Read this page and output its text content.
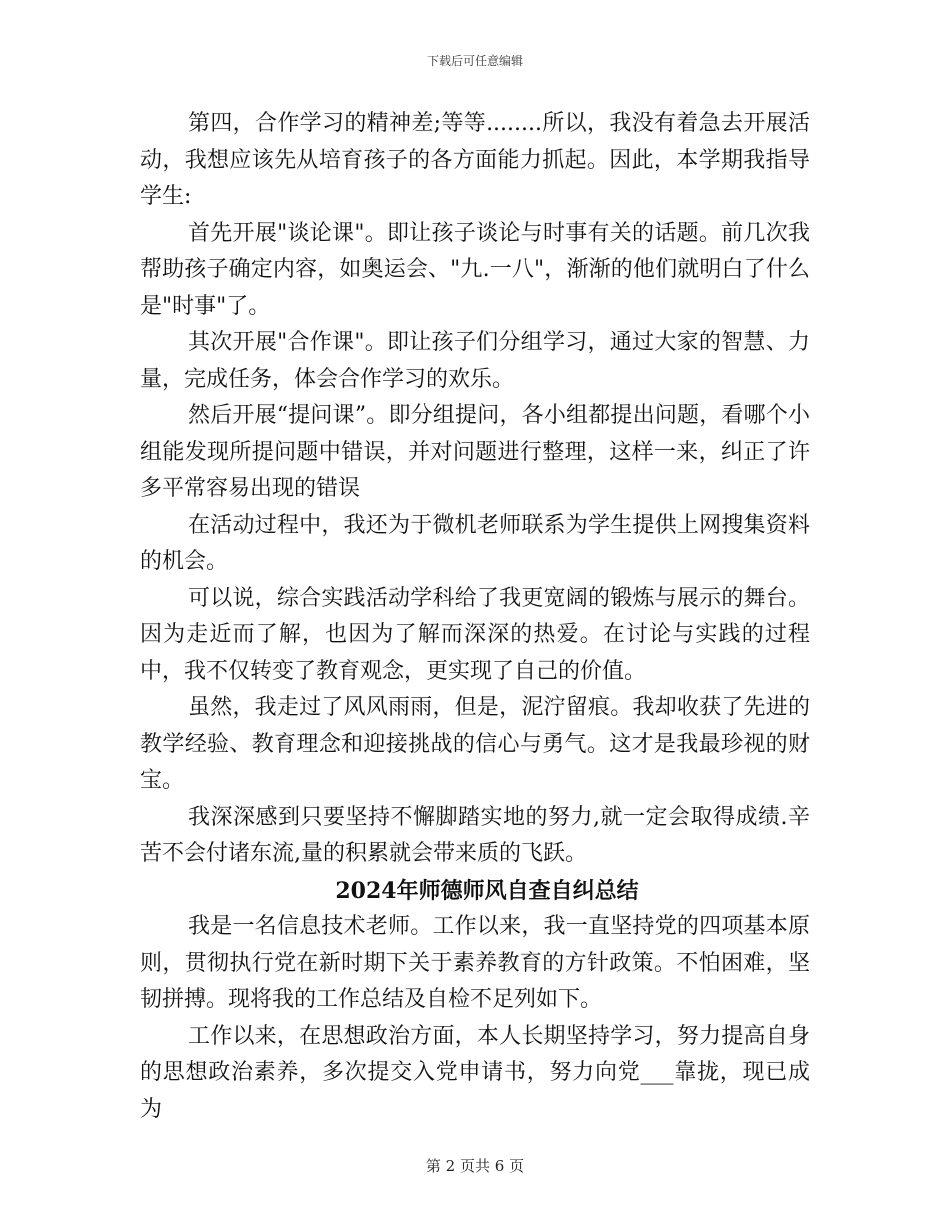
下载后可任意编辑

第四，合作学习的精神差;等等........所以，我没有着急去开展活动，我想应该先从培育孩子的各方面能力抓起。因此，本学期我指导学生:

首先开展"谈论课"。即让孩子谈论与时事有关的话题。前几次我帮助孩子确定内容，如奥运会、"九.一八"，渐渐的他们就明白了什么是"时事"了。

其次开展"合作课"。即让孩子们分组学习，通过大家的智慧、力量，完成任务，体会合作学习的欢乐。

然后开展“提问课”。即分组提问，各小组都提出问题，看哪个小组能发现所提问题中错误，并对问题进行整理，这样一来，纠正了许多平常容易出现的错误

在活动过程中，我还为于微机老师联系为学生提供上网搜集资料的机会。

可以说，综合实践活动学科给了我更宽阔的锻炼与展示的舞台。因为走近而了解，也因为了解而深深的热爱。在讨论与实践的过程中，我不仅转变了教育观念，更实现了自己的价值。

虽然，我走过了风风雨雨，但是，泥泞留痕。我却收获了先进的教学经验、教育理念和迎接挑战的信心与勇气。这才是我最珍视的财宝。

我深深感到只要坚持不懈脚踏实地的努力,就一定会取得成绩.辛苦不会付诸东流,量的积累就会带来质的飞跃。

2024年师德师风自查自纠总结

我是一名信息技术老师。工作以来，我一直坚持党的四项基本原则，贯彻执行党在新时期下关于素养教育的方针政策。不怕困难，坚韧拼搏。现将我的工作总结及自检不足列如下。

工作以来，在思想政治方面，本人长期坚持学习，努力提高自身的思想政治素养，多次提交入党申请书，努力向党___靠拢，现已成为

第 2 页共 6 页
